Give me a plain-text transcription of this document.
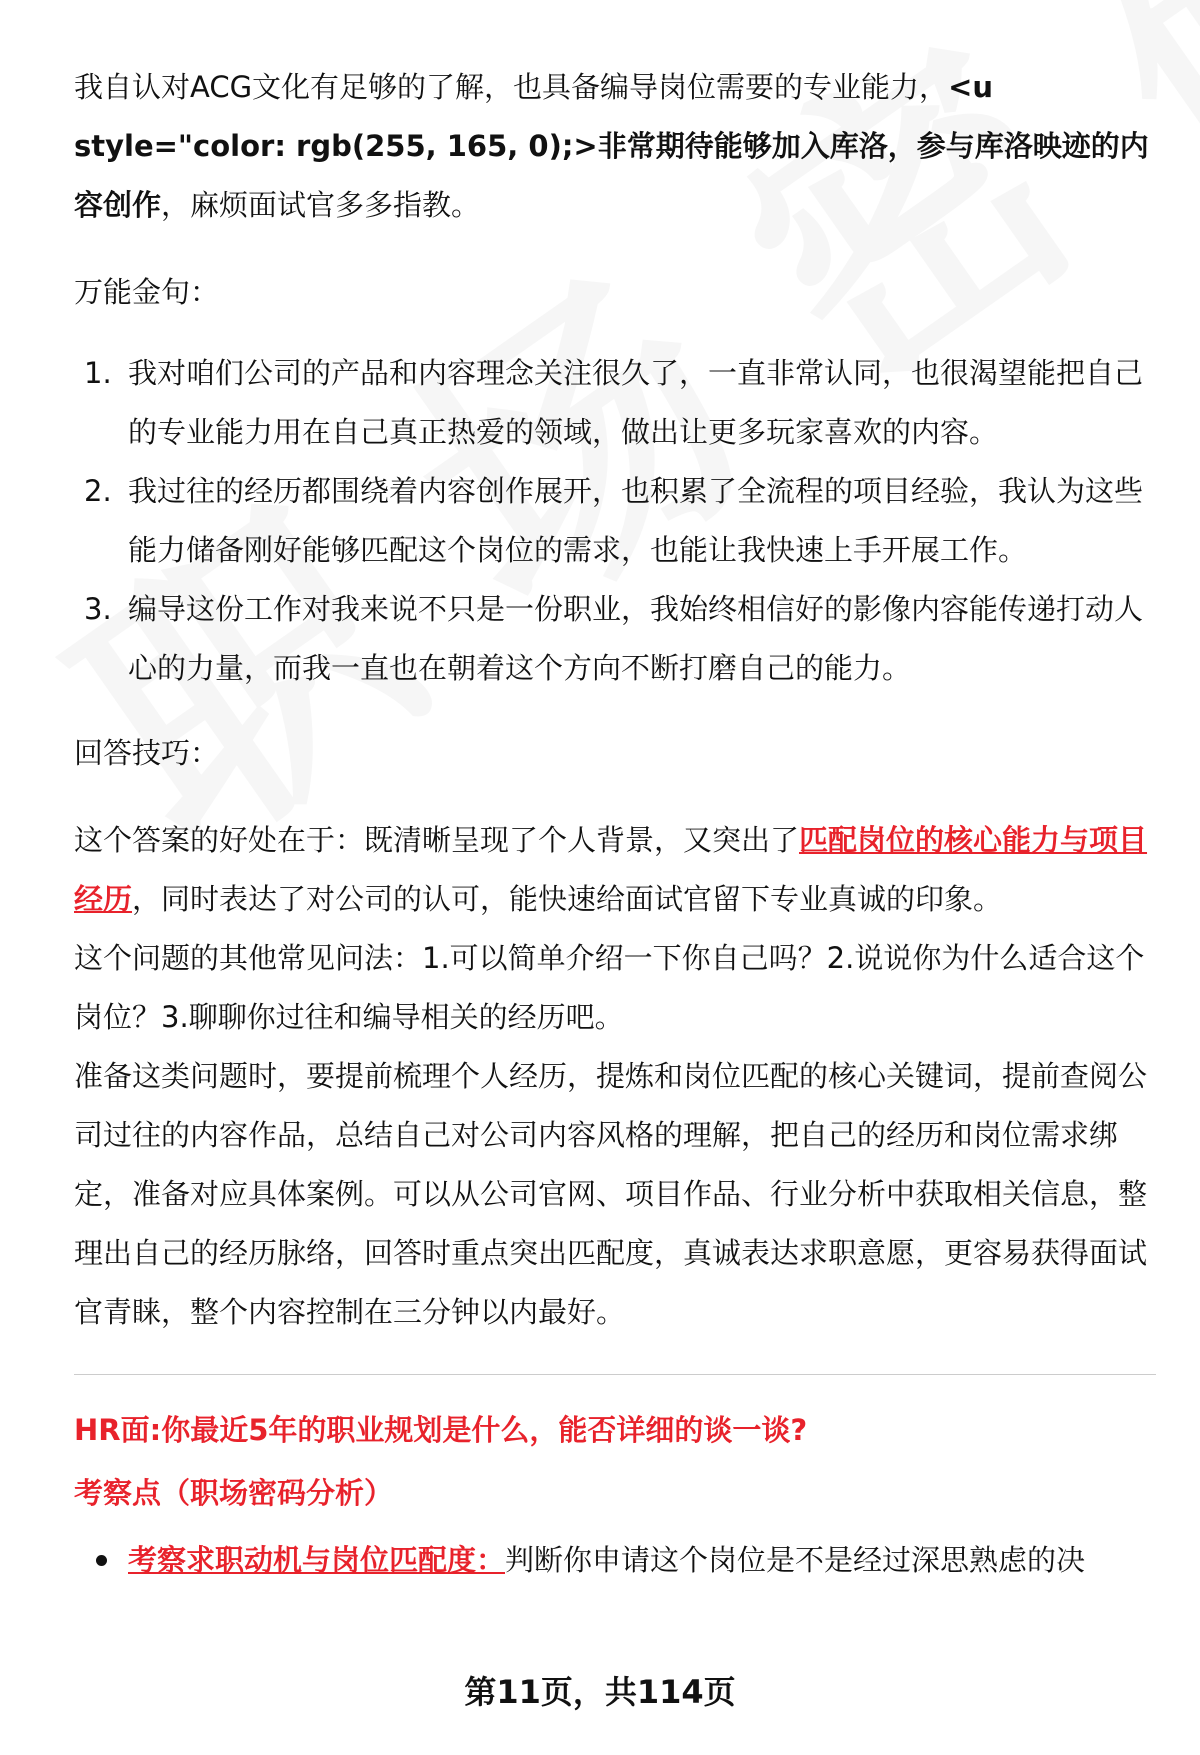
我自认对ACG文化有足够的了解，也具备编导岗位需要的专业能力，<u style="color: rgb(255, 165, 0);>非常期待能够加入库洛，参与库洛映迹的内容创作，麻烦面试官多多指教。

万能金句：

1. 我对咱们公司的产品和内容理念关注很久了，一直非常认同，也很渴望能把自己的专业能力用在自己真正热爱的领域，做出让更多玩家喜欢的内容。
2. 我过往的经历都围绕着内容创作展开，也积累了全流程的项目经验，我认为这些能力储备刚好能够匹配这个岗位的需求，也能让我快速上手开展工作。
3. 编导这份工作对我来说不只是一份职业，我始终相信好的影像内容能传递打动人心的力量，而我一直也在朝着这个方向不断打磨自己的能力。

回答技巧：

这个答案的好处在于：既清晰呈现了个人背景，又突出了匹配岗位的核心能力与项目经历，同时表达了对公司的认可，能快速给面试官留下专业真诚的印象。

这个问题的其他常见问法：1.可以简单介绍一下你自己吗？2.说说你为什么适合这个岗位？3.聊聊你过往和编导相关的经历吧。

准备这类问题时，要提前梳理个人经历，提炼和岗位匹配的核心关键词，提前查阅公司过往的内容作品，总结自己对公司内容风格的理解，把自己的经历和岗位需求绑定，准备对应具体案例。可以从公司官网、项目作品、行业分析中获取相关信息，整理出自己的经历脉络，回答时重点突出匹配度，真诚表达求职意愿，更容易获得面试官青睐，整个内容控制在三分钟以内最好。

HR面:你最近5年的职业规划是什么，能否详细的谈一谈?

考察点（职场密码分析）

考察求职动机与岗位匹配度：判断你申请这个岗位是不是经过深思熟虑的决
第11页，共114页
